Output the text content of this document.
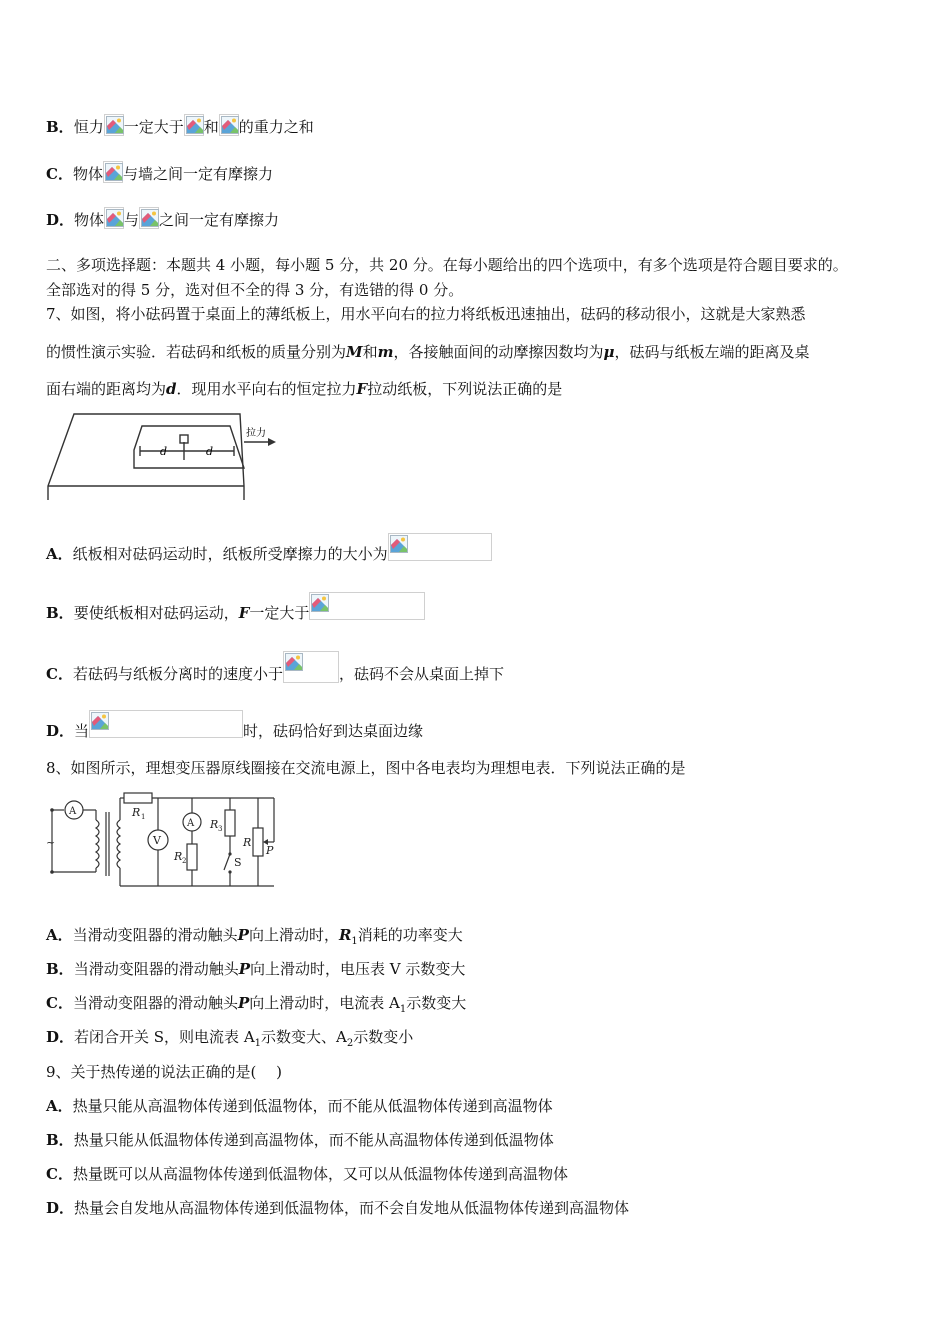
B．恒力 一定大于 和 的重力之和
C．物体 与墙之间一定有摩擦力
D．物体 与 之间一定有摩擦力
二、多项选择题：本题共 4 小题，每小题 5 分，共 20 分。在每小题给出的四个选项中，有多个选项是符合题目要求的。
全部选对的得 5 分，选对但不全的得 3 分，有选错的得 0 分。
7、如图，将小砝码置于桌面上的薄纸板上，用水平向右的拉力将纸板迅速抽出，砝码的移动很小，这就是大家熟悉
的惯性演示实验．若砝码和纸板的质量分别为M和m，各接触面间的动摩擦因数均为μ，砝码与纸板左端的距离及桌
面右端的距离均为d．现用水平向右的恒定拉力F拉动纸板，下列说法正确的是
拉力
d	d
A．纸板相对砝码运动时，纸板所受摩擦力的大小为
B．要使纸板相对砝码运动，F一定大于
C．若砝码与纸板分离时的速度小于	，砝码不会从桌面上掉下
D．当	时，砝码恰好到达桌面边缘
8、如图所示，理想变压器原线圈接在交流电源上，图中各电表均为理想电表．下列说法正确的是
~
A	R 1
V
A
R 2
R 3
S
R
P
A．当滑动变阻器的滑动触头P向上滑动时，$R_1$消耗的功率变大
B．当滑动变阻器的滑动触头P向上滑动时，电压表 V 示数变大
C．当滑动变阻器的滑动触头P向上滑动时，电流表 $A_1$示数变大
D．若闭合开关 S，则电流表 $A_1$示数变大、$A_2$示数变小
9、关于热传递的说法正确的是(　 )
A．热量只能从高温物体传递到低温物体，而不能从低温物体传递到高温物体
B．热量只能从低温物体传递到高温物体，而不能从高温物体传递到低温物体
C．热量既可以从高温物体传递到低温物体，又可以从低温物体传递到高温物体
D．热量会自发地从高温物体传递到低温物体，而不会自发地从低温物体传递到高温物体
